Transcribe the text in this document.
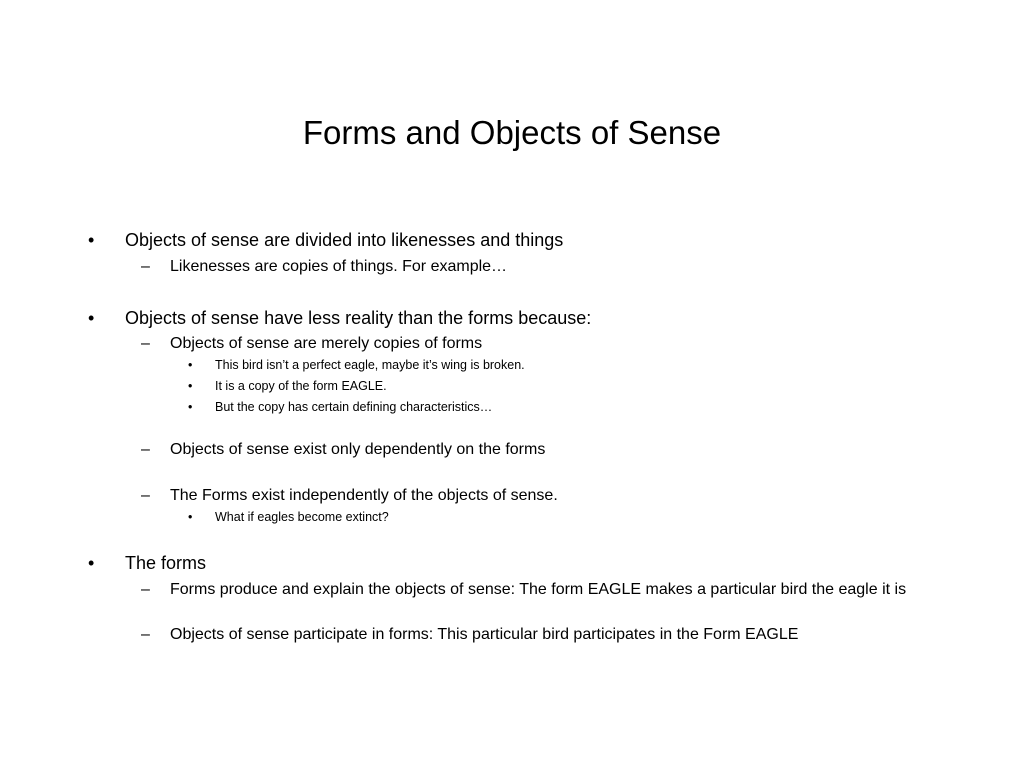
Forms and Objects of Sense
• Objects of sense are divided into likenesses and things
– Likenesses are copies of things. For example…
• Objects of sense have less reality than the forms because:
– Objects of sense are merely copies of forms
• This bird isn’t a perfect eagle, maybe it’s wing is broken.
• It is a copy of the form EAGLE.
• But the copy has certain defining characteristics…
– Objects of sense exist only dependently on the forms
– The Forms exist independently of the objects of sense.
• What if eagles become extinct?
• The forms
– Forms produce and explain the objects of sense: The form EAGLE makes a particular bird the eagle it is
– Objects of sense participate in forms: This particular bird participates in the Form EAGLE
